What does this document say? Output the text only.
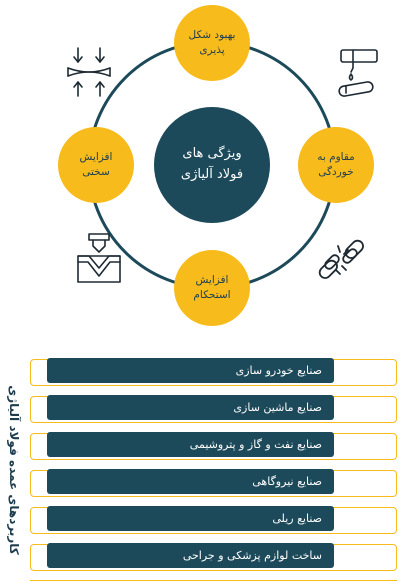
ویژگی های
فولاد آلیاژی
بهبود شکل
پذیری
مقاوم به
خوردگی
افزایش
استحکام
افزایش
سختی
کاربردهای عمده فولاد آلیاژی
صنایع خودرو سازی
صنایع ماشین سازی
صنایع نفت و گاز و پتروشیمی
صنایع نیروگاهی
صنایع ریلی
ساخت لوازم پزشکی و جراحی
